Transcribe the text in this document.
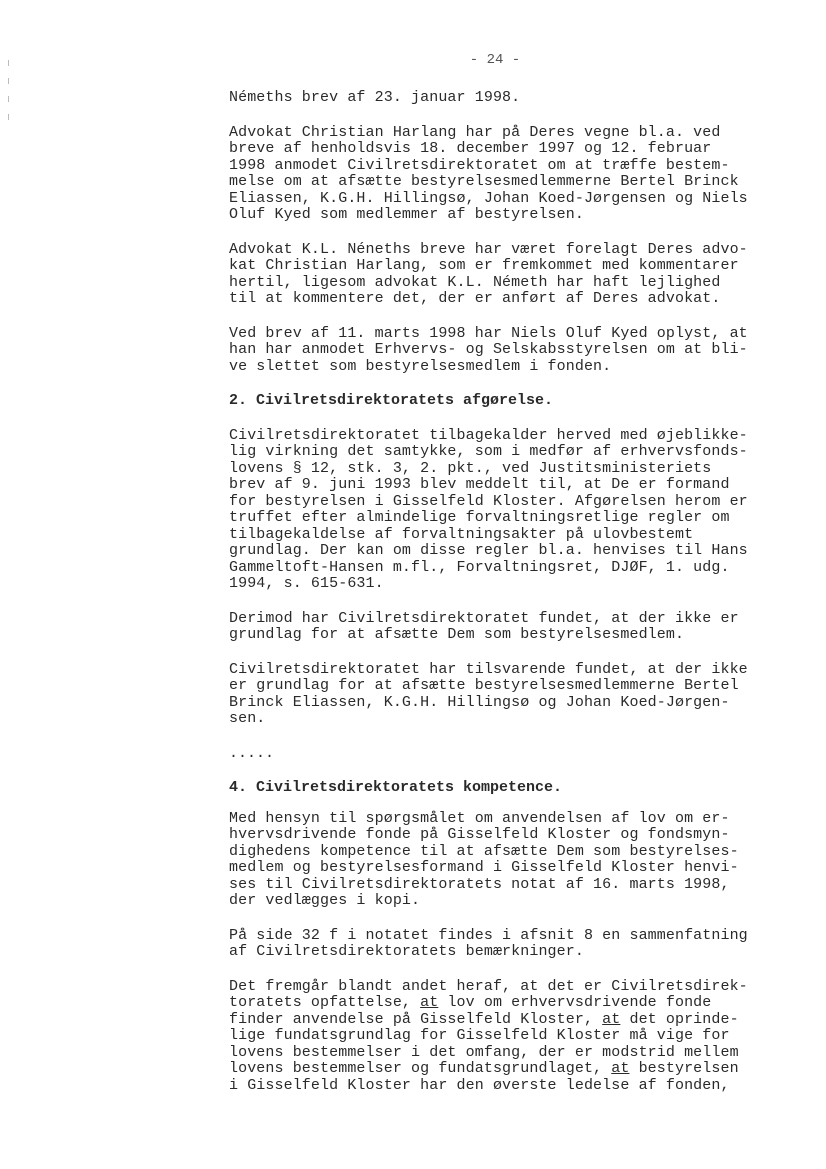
- 24 -

Némeths brev af 23. januar 1998.

Advokat Christian Harlang har på Deres vegne bl.a. ved
breve af henholdsvis 18. december 1997 og 12. februar
1998 anmodet Civilretsdirektoratet om at træffe bestem-
melse om at afsætte bestyrelsesmedlemmerne Bertel Brinck
Eliassen, K.G.H. Hillingsø, Johan Koed-Jørgensen og Niels
Oluf Kyed som medlemmer af bestyrelsen.

Advokat K.L. Néneths breve har været forelagt Deres advo-
kat Christian Harlang, som er fremkommet med kommentarer
hertil, ligesom advokat K.L. Németh har haft lejlighed
til at kommentere det, der er anført af Deres advokat.

Ved brev af 11. marts 1998 har Niels Oluf Kyed oplyst, at
han har anmodet Erhvervs- og Selskabsstyrelsen om at bli-
ve slettet som bestyrelsesmedlem i fonden.

2. Civilretsdirektoratets afgørelse.

Civilretsdirektoratet tilbagekalder herved med øjeblikke-
lig virkning det samtykke, som i medfør af erhvervsfonds-
lovens § 12, stk. 3, 2. pkt., ved Justitsministeriets
brev af 9. juni 1993 blev meddelt til, at De er formand
for bestyrelsen i Gisselfeld Kloster. Afgørelsen herom er
truffet efter almindelige forvaltningsretlige regler om
tilbagekaldelse af forvaltningsakter på ulovbestemt
grundlag. Der kan om disse regler bl.a. henvises til Hans
Gammeltoft-Hansen m.fl., Forvaltningsret, DJØF, 1. udg.
1994, s. 615-631.

Derimod har Civilretsdirektoratet fundet, at der ikke er
grundlag for at afsætte Dem som bestyrelsesmedlem.

Civilretsdirektoratet har tilsvarende fundet, at der ikke
er grundlag for at afsætte bestyrelsesmedlemmerne Bertel
Brinck Eliassen, K.G.H. Hillingsø og Johan Koed-Jørgen-
sen.

.....

4. Civilretsdirektoratets kompetence.

Med hensyn til spørgsmålet om anvendelsen af lov om er-
hvervsdrivende fonde på Gisselfeld Kloster og fondsmyn-
dighedens kompetence til at afsætte Dem som bestyrelses-
medlem og bestyrelsesformand i Gisselfeld Kloster henvi-
ses til Civilretsdirektoratets notat af 16. marts 1998,
der vedlægges i kopi.

På side 32 f i notatet findes i afsnit 8 en sammenfatning
af Civilretsdirektoratets bemærkninger.

Det fremgår blandt andet heraf, at det er Civilretsdirek-
toratets opfattelse, at lov om erhvervsdrivende fonde
finder anvendelse på Gisselfeld Kloster, at det oprinde-
lige fundatsgrundlag for Gisselfeld Kloster må vige for
lovens bestemmelser i det omfang, der er modstrid mellem
lovens bestemmelser og fundatsgrundlaget, at bestyrelsen
i Gisselfeld Kloster har den øverste ledelse af fonden,
